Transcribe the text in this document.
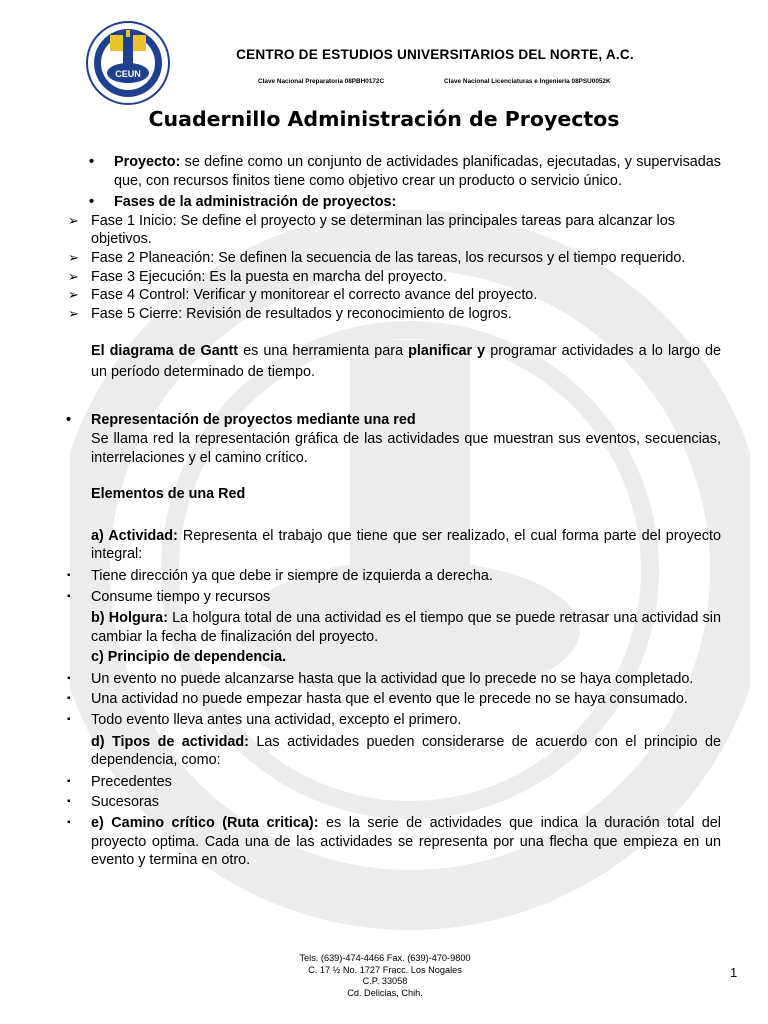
CEUN
CENTRO DE ESTUDIOS UNIVERSITARIOS DEL NORTE, A.C.
Clave Nacional Preparatoria 08PBH0172C	Clave Nacional Licenciaturas e Ingeniería 08PSU0052K
Cuadernillo Administración de Proyectos
• Proyecto: se define como un conjunto de actividades planificadas, ejecutadas, y supervisadas que, con recursos finitos tiene como objetivo crear un producto o servicio único.
• Fases de la administración de proyectos:
➢ Fase 1 Inicio: Se define el proyecto y se determinan las principales tareas para alcanzar los objetivos.
➢ Fase 2 Planeación: Se definen la secuencia de las tareas, los recursos y el tiempo requerido.
➢ Fase 3 Ejecución: Es la puesta en marcha del proyecto.
➢ Fase 4 Control: Verificar y monitorear el correcto avance del proyecto.
➢ Fase 5 Cierre: Revisión de resultados y reconocimiento de logros.

El diagrama de Gantt es una herramienta para planificar y programar actividades a lo largo de un período determinado de tiempo.

• Representación de proyectos mediante una red
Se llama red la representación gráfica de las actividades que muestran sus eventos, secuencias, interrelaciones y el camino crítico.

Elementos de una Red

a) Actividad: Representa el trabajo que tiene que ser realizado, el cual forma parte del proyecto integral:

▪ Tiene dirección ya que debe ir siempre de izquierda a derecha.
▪ Consume tiempo y recursos

b) Holgura: La holgura total de una actividad es el tiempo que se puede retrasar una actividad sin cambiar la fecha de finalización del proyecto.

c) Principio de dependencia.

▪ Un evento no puede alcanzarse hasta que la actividad que lo precede no se haya completado.
▪ Una actividad no puede empezar hasta que el evento que le precede no se haya consumado.
▪ Todo evento lleva antes una actividad, excepto el primero.

d) Tipos de actividad: Las actividades pueden considerarse de acuerdo con el principio de dependencia, como:

▪ Precedentes
▪ Sucesoras
▪ e) Camino crítico (Ruta critica): es la serie de actividades que indica la duración total del proyecto optima. Cada una de las actividades se representa por una flecha que empieza en un evento y termina en otro.
Tels. (639)-474-4466 Fax. (639)-470-9800
C. 17 ½ No. 1727 Fracc. Los Nogales
C.P. 33058
Cd. Delicias, Chih.
1
